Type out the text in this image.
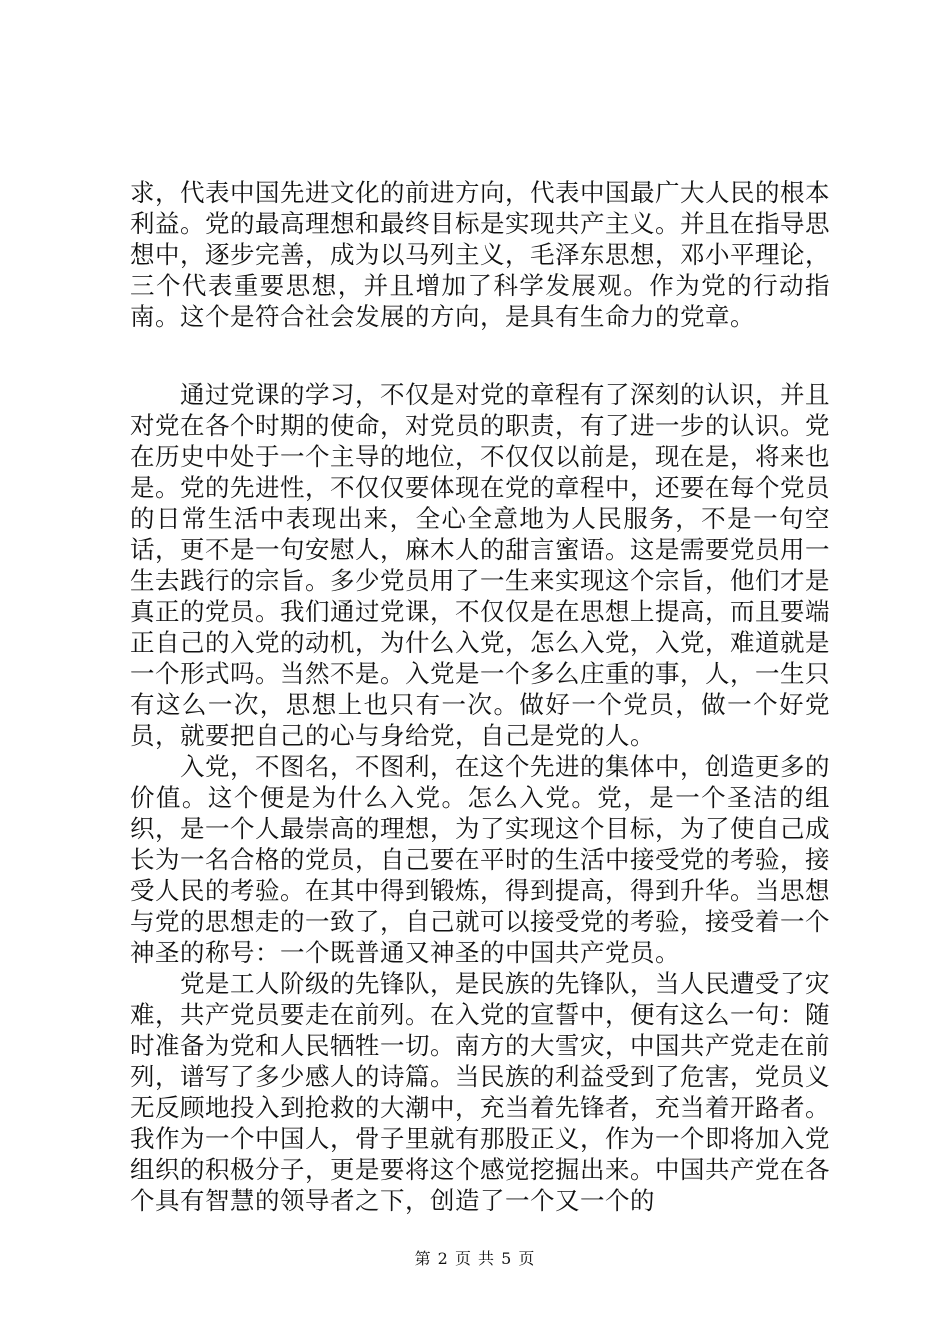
求，代表中国先进文化的前进方向，代表中国最广大人民的根本利益。党的最高理想和最终目标是实现共产主义。并且在指导思想中，逐步完善，成为以马列主义，毛泽东思想，邓小平理论，三个代表重要思想，并且增加了科学发展观。作为党的行动指南。这个是符合社会发展的方向，是具有生命力的党章。

通过党课的学习，不仅是对党的章程有了深刻的认识，并且对党在各个时期的使命，对党员的职责，有了进一步的认识。党在历史中处于一个主导的地位，不仅仅以前是，现在是，将来也是。党的先进性，不仅仅要体现在党的章程中，还要在每个党员的日常生活中表现出来，全心全意地为人民服务，不是一句空话，更不是一句安慰人，麻木人的甜言蜜语。这是需要党员用一生去践行的宗旨。多少党员用了一生来实现这个宗旨，他们才是真正的党员。我们通过党课，不仅仅是在思想上提高，而且要端正自己的入党的动机，为什么入党，怎么入党，入党，难道就是一个形式吗。当然不是。入党是一个多么庄重的事，人，一生只有这么一次，思想上也只有一次。做好一个党员，做一个好党员，就要把自己的心与身给党，自己是党的人。

入党，不图名，不图利，在这个先进的集体中，创造更多的价值。这个便是为什么入党。怎么入党。党，是一个圣洁的组织，是一个人最崇高的理想，为了实现这个目标，为了使自己成长为一名合格的党员，自己要在平时的生活中接受党的考验，接受人民的考验。在其中得到锻炼，得到提高，得到升华。当思想与党的思想走的一致了，自己就可以接受党的考验，接受着一个神圣的称号：一个既普通又神圣的中国共产党员。

党是工人阶级的先锋队，是民族的先锋队，当人民遭受了灾难，共产党员要走在前列。在入党的宣誓中，便有这么一句：随时准备为党和人民牺牲一切。南方的大雪灾，中国共产党走在前列，谱写了多少感人的诗篇。当民族的利益受到了危害，党员义无反顾地投入到抢救的大潮中，充当着先锋者，充当着开路者。我作为一个中国人，骨子里就有那股正义，作为一个即将加入党组织的积极分子，更是要将这个感觉挖掘出来。中国共产党在各个具有智慧的领导者之下，创造了一个又一个的

第 2 页 共 5 页
